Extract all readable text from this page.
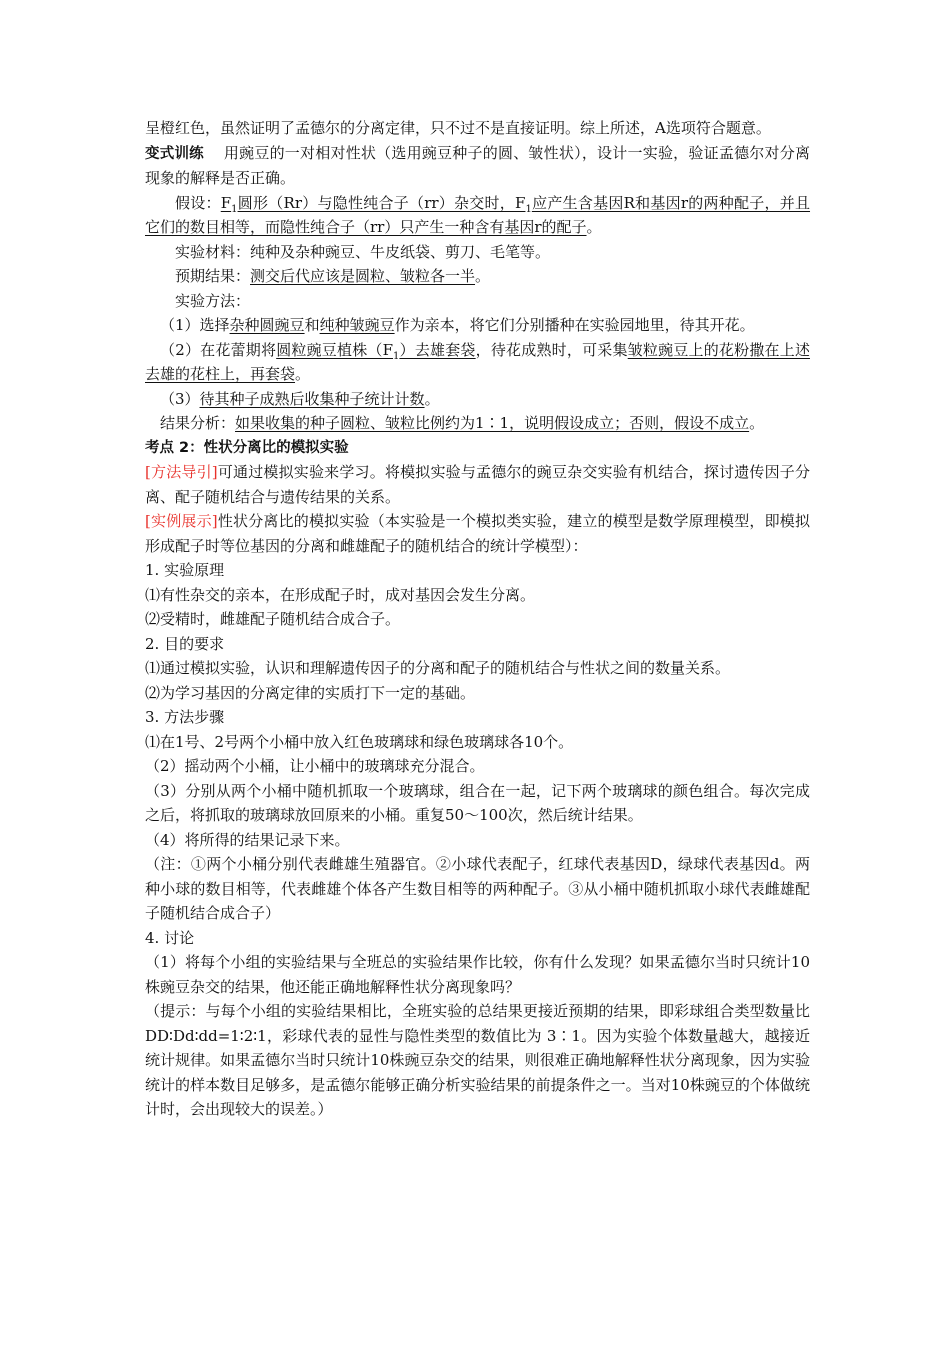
呈橙红色，虽然证明了孟德尔的分离定律，只不过不是直接证明。综上所述，A选项符合题意。

变式训练 用豌豆的一对相对性状（选用豌豆种子的圆、皱性状），设计一实验，验证孟德尔对分离现象的解释是否正确。

假设：$F_1$圆形（Rr）与隐性纯合子（rr）杂交时，$F_1$应产生含基因R和基因r的两种配子，并且它们的数目相等，而隐性纯合子（rr）只产生一种含有基因r的配子。

实验材料：纯种及杂种豌豆、牛皮纸袋、剪刀、毛笔等。

预期结果：测交后代应该是圆粒、皱粒各一半。

实验方法：

（1）选择杂种圆豌豆和纯种皱豌豆作为亲本，将它们分别播种在实验园地里，待其开花。

（2）在花蕾期将圆粒豌豆植株$(F_1)$去雄套袋，待花成熟时，可采集皱粒豌豆上的花粉撒在上述去雄的花柱上，再套袋。

（3）待其种子成熟后收集种子统计计数。

结果分析：如果收集的种子圆粒、皱粒比例约为1∶1，说明假设成立；否则，假设不成立。

考点 2：性状分离比的模拟实验

[方法导引]可通过模拟实验来学习。将模拟实验与孟德尔的豌豆杂交实验有机结合，探讨遗传因子分离、配子随机结合与遗传结果的关系。

[实例展示]性状分离比的模拟实验（本实验是一个模拟类实验，建立的模型是数学原理模型，即模拟形成配子时等位基因的分离和雌雄配子的随机结合的统计学模型）：

1. 实验原理

⑴有性杂交的亲本，在形成配子时，成对基因会发生分离。

⑵受精时，雌雄配子随机结合成合子。

2. 目的要求

⑴通过模拟实验，认识和理解遗传因子的分离和配子的随机结合与性状之间的数量关系。

⑵为学习基因的分离定律的实质打下一定的基础。

3. 方法步骤

⑴在1号、2号两个小桶中放入红色玻璃球和绿色玻璃球各10个。

（2）摇动两个小桶，让小桶中的玻璃球充分混合。

（3）分别从两个小桶中随机抓取一个玻璃球，组合在一起，记下两个玻璃球的颜色组合。每次完成之后，将抓取的玻璃球放回原来的小桶。重复50～100次，然后统计结果。

（4）将所得的结果记录下来。

（注：①两个小桶分别代表雌雄生殖器官。②小球代表配子，红球代表基因D，绿球代表基因d。两种小球的数目相等，代表雌雄个体各产生数目相等的两种配子。③从小桶中随机抓取小球代表雌雄配子随机结合成合子）

4. 讨论

（1）将每个小组的实验结果与全班总的实验结果作比较，你有什么发现？如果孟德尔当时只统计10株豌豆杂交的结果，他还能正确地解释性状分离现象吗？

（提示：与每个小组的实验结果相比，全班实验的总结果更接近预期的结果，即彩球组合类型数量比 DD∶Dd∶dd=1∶2∶1，彩球代表的显性与隐性类型的数值比为 3∶1。因为实验个体数量越大，越接近统计规律。如果孟德尔当时只统计10株豌豆杂交的结果，则很难正确地解释性状分离现象，因为实验统计的样本数目足够多，是孟德尔能够正确分析实验结果的前提条件之一。当对10株豌豆的个体做统计时，会出现较大的误差。）
